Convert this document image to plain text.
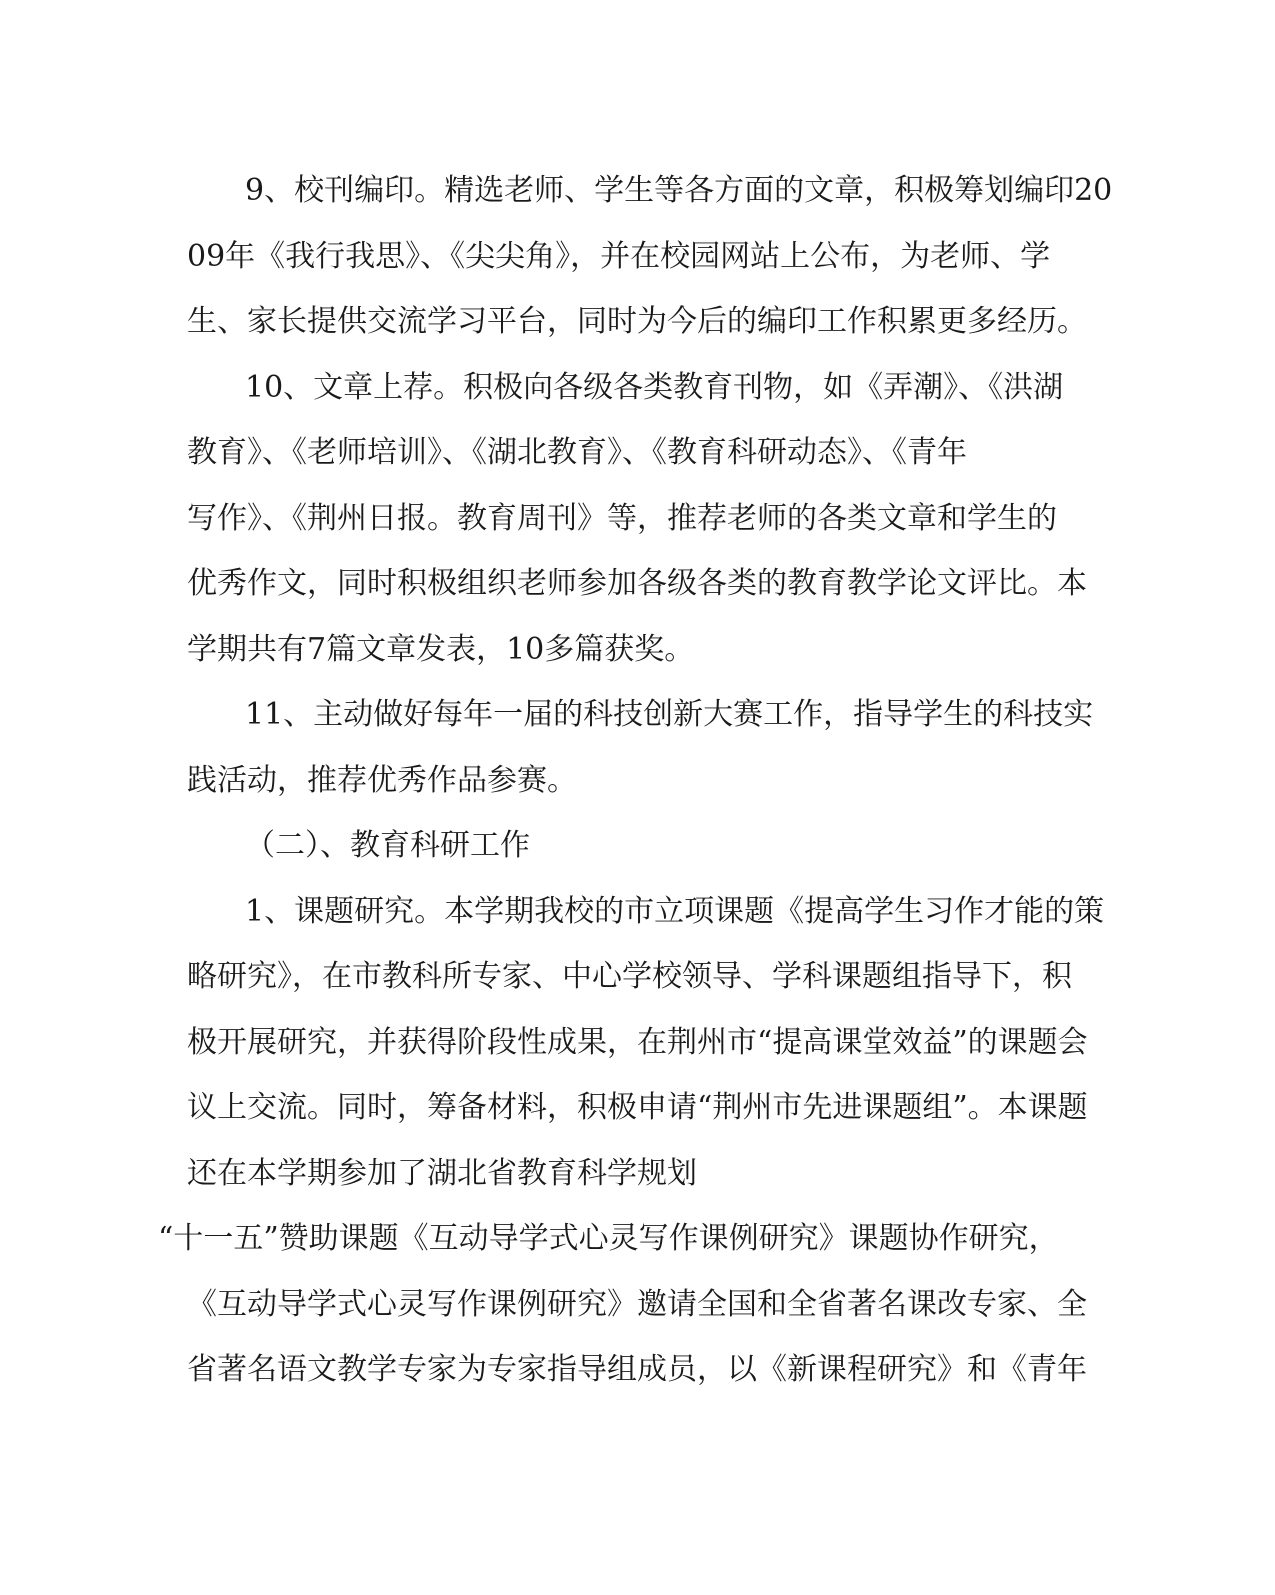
9、校刊编印。精选老师、学生等各方面的文章，积极筹划编印20
09年《我行我思》、《尖尖角》，并在校园网站上公布，为老师、学
生、家长提供交流学习平台，同时为今后的编印工作积累更多经历。
10、文章上荐。积极向各级各类教育刊物，如《弄潮》、《洪湖
教育》、《老师培训》、《湖北教育》、《教育科研动态》、《青年
写作》、《荆州日报。教育周刊》等，推荐老师的各类文章和学生的
优秀作文，同时积极组织老师参加各级各类的教育教学论文评比。本
学期共有7篇文章发表，10多篇获奖。
11、主动做好每年一届的科技创新大赛工作，指导学生的科技实
践活动，推荐优秀作品参赛。
（二）、教育科研工作
1、课题研究。本学期我校的市立项课题《提高学生习作才能的策
略研究》，在市教科所专家、中心学校领导、学科课题组指导下，积
极开展研究，并获得阶段性成果，在荆州市“提高课堂效益”的课题会
议上交流。同时，筹备材料，积极申请“荆州市先进课题组”。本课题
还在本学期参加了湖北省教育科学规划
“十一五”赞助课题《互动导学式心灵写作课例研究》课题协作研究，
《互动导学式心灵写作课例研究》邀请全国和全省著名课改专家、全
省著名语文教学专家为专家指导组成员，以《新课程研究》和《青年
